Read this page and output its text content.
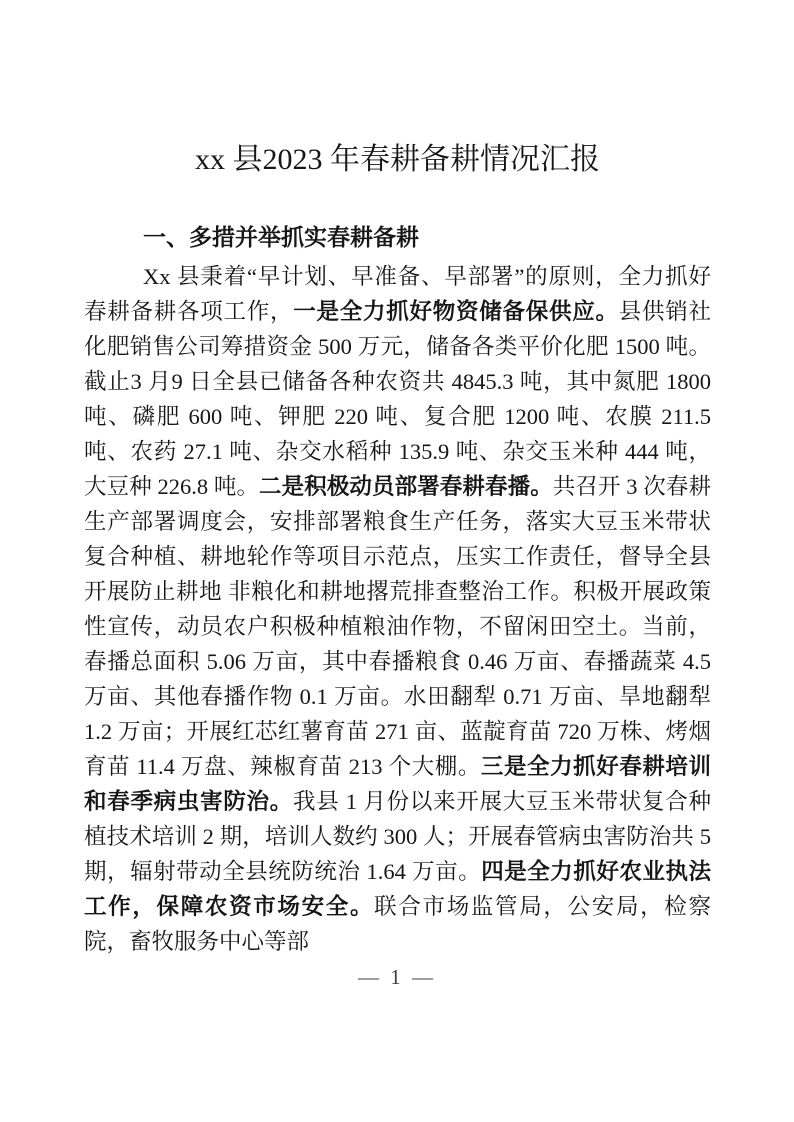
xx 县2023 年春耕备耕情况汇报
一、多措并举抓实春耕备耕

Xx 县秉着“早计划、早准备、早部署”的原则，全力抓好春耕备耕各项工作，一是全力抓好物资储备保供应。县供销社化肥销售公司筹措资金 500 万元，储备各类平价化肥 1500 吨。截止3 月9 日全县已储备各种农资共 4845.3 吨，其中氮肥 1800 吨、磷肥 600 吨、钾肥 220 吨、复合肥 1200 吨、农膜 211.5 吨、农药 27.1 吨、杂交水稻种 135.9 吨、杂交玉米种 444 吨，大豆种 226.8 吨。二是积极动员部署春耕春播。共召开 3 次春耕生产部署调度会，安排部署粮食生产任务，落实大豆玉米带状复合种植、耕地轮作等项目示范点，压实工作责任，督导全县开展防止耕地 非粮化和耕地撂荒排查整治工作。积极开展政策性宣传，动员农户积极种植粮油作物，不留闲田空土。当前，春播总面积 5.06 万亩，其中春播粮食 0.46 万亩、春播蔬菜 4.5 万亩、其他春播作物 0.1 万亩。水田翻犁 0.71 万亩、旱地翻犁 1.2 万亩；开展红芯红薯育苗 271 亩、蓝靛育苗 720 万株、烤烟育苗 11.4 万盘、辣椒育苗 213 个大棚。三是全力抓好春耕培训和春季病虫害防治。我县 1 月份以来开展大豆玉米带状复合种植技术培训 2 期，培训人数约 300 人；开展春管病虫害防治共 5 期，辐射带动全县统防统治 1.64 万亩。四是全力抓好农业执法工作，保障农资市场安全。联合市场监管局，公安局，检察院，畜牧服务中心等部

— 1 —
